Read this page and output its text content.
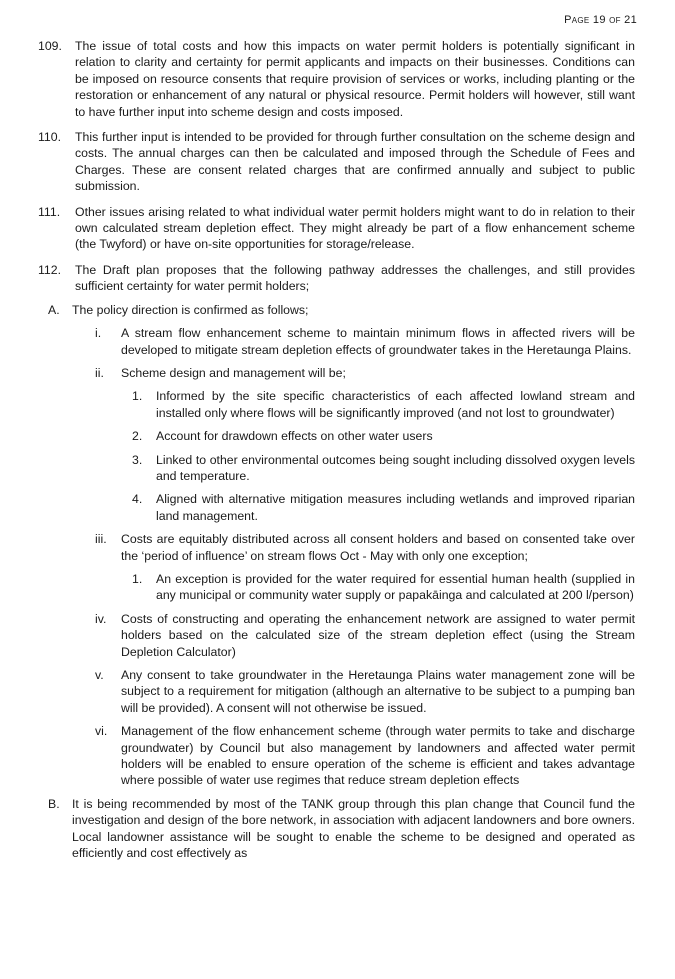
Page 19 of 21
109. The issue of total costs and how this impacts on water permit holders is potentially significant in relation to clarity and certainty for permit applicants and impacts on their businesses. Conditions can be imposed on resource consents that require provision of services or works, including planting or the restoration or enhancement of any natural or physical resource. Permit holders will however, still want to have further input into scheme design and costs imposed.
110. This further input is intended to be provided for through further consultation on the scheme design and costs. The annual charges can then be calculated and imposed through the Schedule of Fees and Charges. These are consent related charges that are confirmed annually and subject to public submission.
111. Other issues arising related to what individual water permit holders might want to do in relation to their own calculated stream depletion effect. They might already be part of a flow enhancement scheme (the Twyford) or have on-site opportunities for storage/release.
112. The Draft plan proposes that the following pathway addresses the challenges, and still provides sufficient certainty for water permit holders;
A. The policy direction is confirmed as follows;
i. A stream flow enhancement scheme to maintain minimum flows in affected rivers will be developed to mitigate stream depletion effects of groundwater takes in the Heretaunga Plains.
ii. Scheme design and management will be;
1. Informed by the site specific characteristics of each affected lowland stream and installed only where flows will be significantly improved (and not lost to groundwater)
2. Account for drawdown effects on other water users
3. Linked to other environmental outcomes being sought including dissolved oxygen levels and temperature.
4. Aligned with alternative mitigation measures including wetlands and improved riparian land management.
iii. Costs are equitably distributed across all consent holders and based on consented take over the ‘period of influence’ on stream flows Oct - May with only one exception;
1. An exception is provided for the water required for essential human health (supplied in any municipal or community water supply or papakāinga and calculated at 200 l/person)
iv. Costs of constructing and operating the enhancement network are assigned to water permit holders based on the calculated size of the stream depletion effect (using the Stream Depletion Calculator)
v. Any consent to take groundwater in the Heretaunga Plains water management zone will be subject to a requirement for mitigation (although an alternative to be subject to a pumping ban will be provided). A consent will not otherwise be issued.
vi. Management of the flow enhancement scheme (through water permits to take and discharge groundwater) by Council but also management by landowners and affected water permit holders will be enabled to ensure operation of the scheme is efficient and takes advantage where possible of water use regimes that reduce stream depletion effects
B. It is being recommended by most of the TANK group through this plan change that Council fund the investigation and design of the bore network, in association with adjacent landowners and bore owners. Local landowner assistance will be sought to enable the scheme to be designed and operated as efficiently and cost effectively as
